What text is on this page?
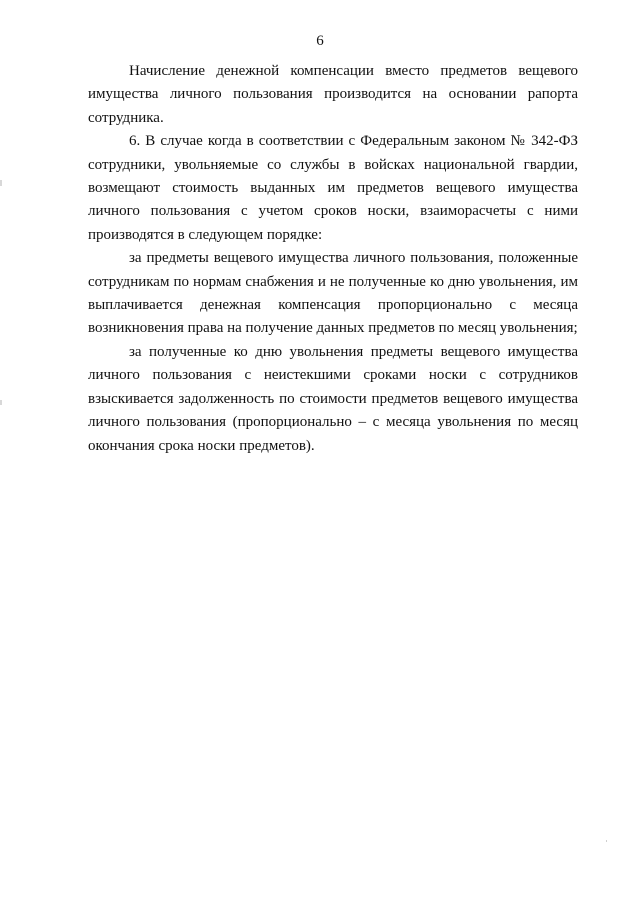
6

Начисление денежной компенсации вместо предметов вещевого имущества личного пользования производится на основании рапорта сотрудника.

6. В случае когда в соответствии с Федеральным законом № 342-ФЗ сотрудники, увольняемые со службы в войсках национальной гвардии, возмещают стоимость выданных им предметов вещевого имущества личного пользования с учетом сроков носки, взаиморасчеты с ними производятся в следующем порядке:

за предметы вещевого имущества личного пользования, положенные сотрудникам по нормам снабжения и не полученные ко дню увольнения, им выплачивается денежная компенсация пропорционально с месяца возникновения права на получение данных предметов по месяц увольнения;

за полученные ко дню увольнения предметы вещевого имущества личного пользования с неистекшими сроками носки с сотрудников взыскивается задолженность по стоимости предметов вещевого имущества личного пользования (пропорционально – с месяца увольнения по месяц окончания срока носки предметов).
